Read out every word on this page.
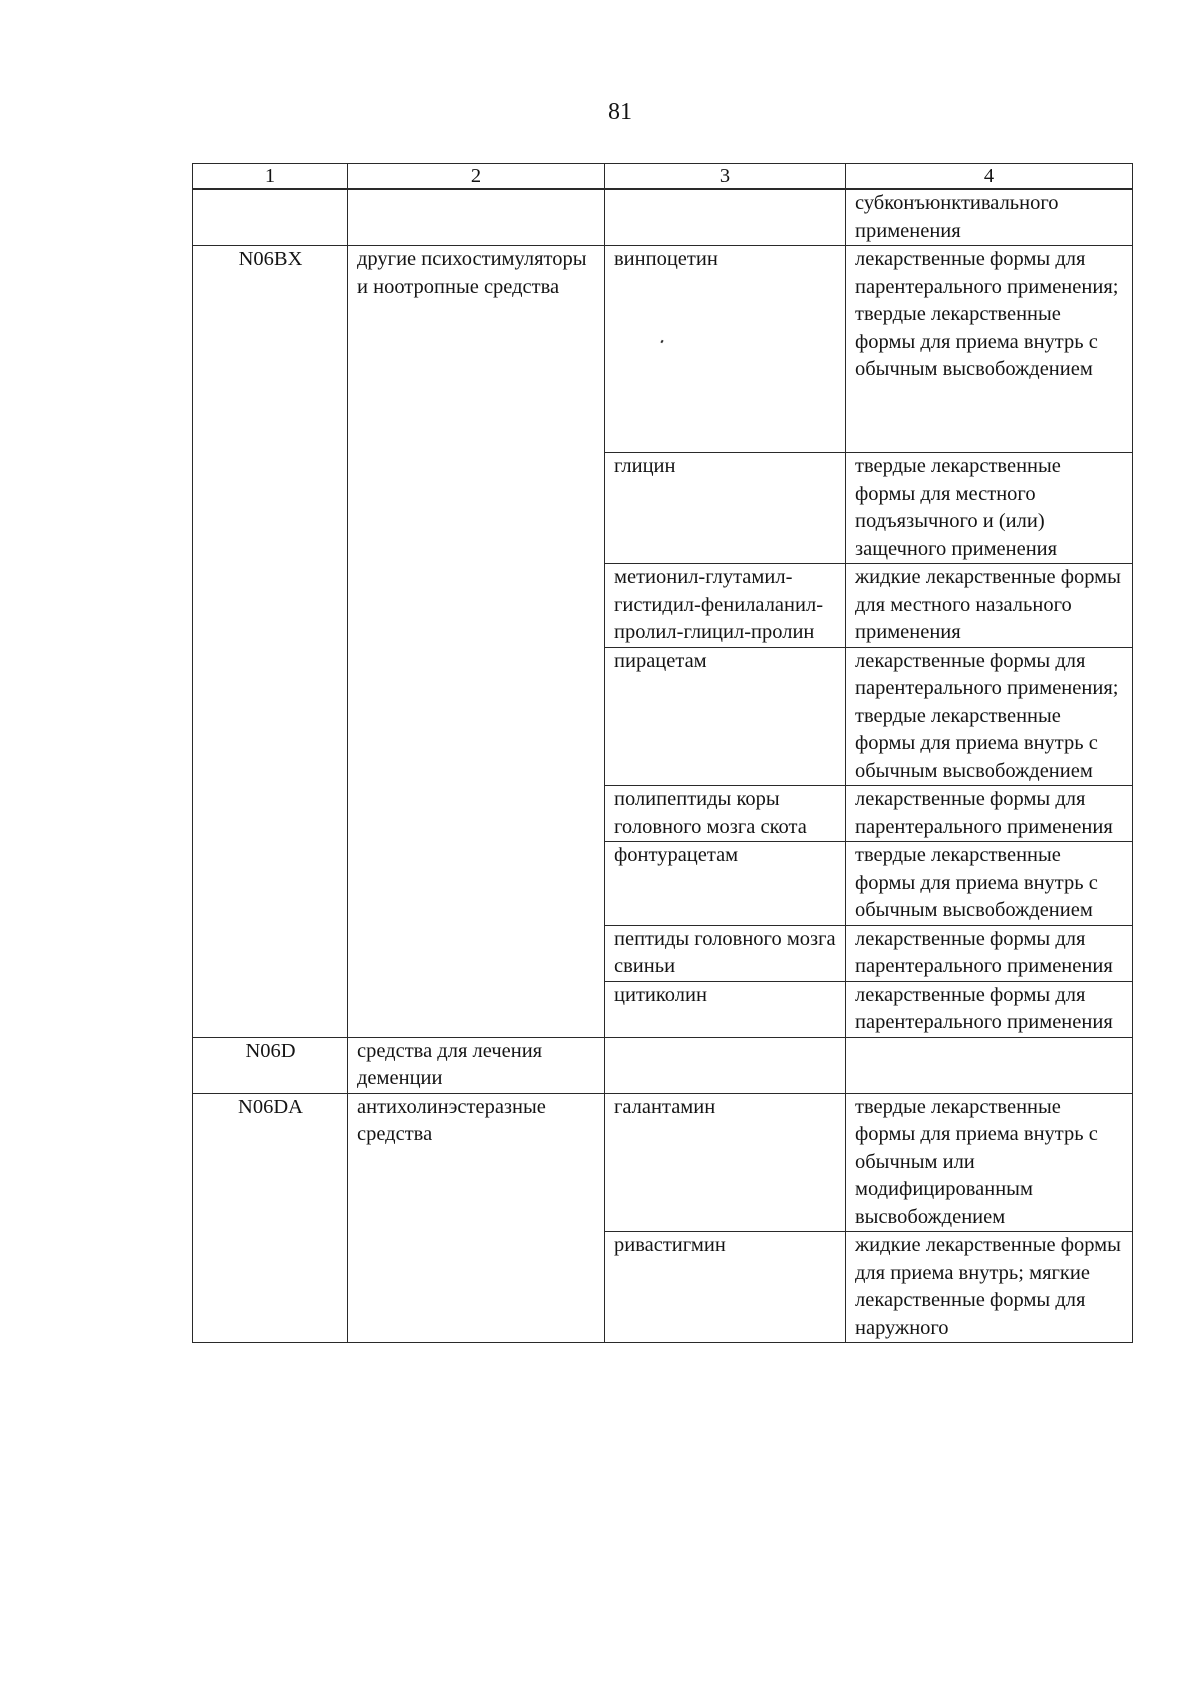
81
1	2	3	4
			субконъюнктивального применения
N06BX	другие психостимуляторы и ноотропные средства	винпоцетин	лекарственные формы для парентерального применения; твердые лекарственные формы для приема внутрь с обычным высвобождением
		глицин	твердые лекарственные формы для местного подъязычного и (или) защечного применения
		метионил-глутамил-гистидил-фенилаланил-пролил-глицил-пролин	жидкие лекарственные формы для местного назального применения
		пирацетам	лекарственные формы для парентерального применения; твердые лекарственные формы для приема внутрь с обычным высвобождением
		полипептиды коры головного мозга скота	лекарственные формы для парентерального применения
		фонтурацетам	твердые лекарственные формы для приема внутрь с обычным высвобождением
		пептиды головного мозга свиньи	лекарственные формы для парентерального применения
		цитиколин	лекарственные формы для парентерального применения
N06D	средства для лечения деменции		
N06DA	антихолинэстеразные средства	галантамин	твердые лекарственные формы для приема внутрь с обычным или модифицированным высвобождением
		ривастигмин	жидкие лекарственные формы для приема внутрь; мягкие лекарственные формы для наружного
